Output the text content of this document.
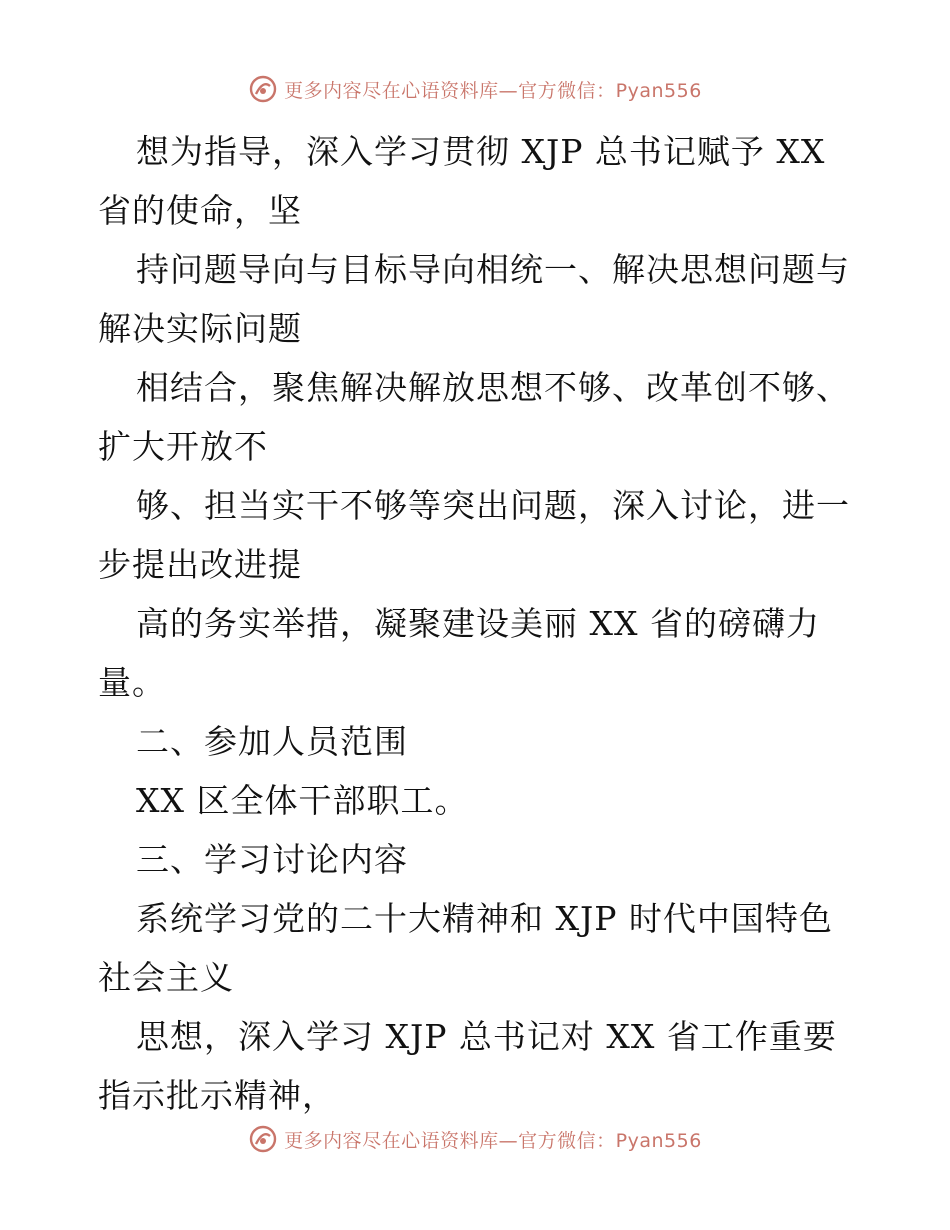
更多内容尽在心语资料库—官方微信：Pyan556
想为指导，深入学习贯彻 XJP 总书记赋予 XX
省的使命，坚
持问题导向与目标导向相统一、解决思想问题与
解决实际问题
相结合，聚焦解决解放思想不够、改革创不够、
扩大开放不
够、担当实干不够等突出问题，深入讨论，进一
步提出改进提
高的务实举措，凝聚建设美丽 XX 省的磅礴力
量。
二、参加人员范围
XX 区全体干部职工。
三、学习讨论内容
系统学习党的二十大精神和 XJP 时代中国特色
社会主义
思想，深入学习 XJP 总书记对 XX 省工作重要
指示批示精神，
更多内容尽在心语资料库—官方微信：Pyan556
